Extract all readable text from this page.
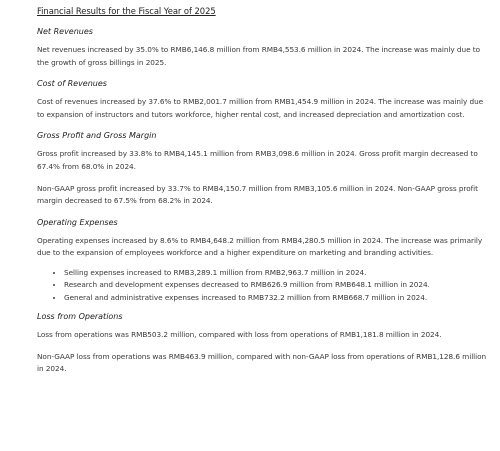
Financial Results for the Fiscal Year of 2025
Net Revenues

Net revenues increased by 35.0% to RMB6,146.8 million from RMB4,553.6 million in 2024. The increase was mainly due to the growth of gross billings in 2025.

Cost of Revenues

Cost of revenues increased by 37.6% to RMB2,001.7 million from RMB1,454.9 million in 2024. The increase was mainly due to expansion of instructors and tutors workforce, higher rental cost, and increased depreciation and amortization cost.

Gross Profit and Gross Margin

Gross profit increased by 33.8% to RMB4,145.1 million from RMB3,098.6 million in 2024. Gross profit margin decreased to 67.4% from 68.0% in 2024.

Non-GAAP gross profit increased by 33.7% to RMB4,150.7 million from RMB3,105.6 million in 2024. Non-GAAP gross profit margin decreased to 67.5% from 68.2% in 2024.

Operating Expenses

Operating expenses increased by 8.6% to RMB4,648.2 million from RMB4,280.5 million in 2024. The increase was primarily due to the expansion of employees workforce and a higher expenditure on marketing and branding activities.

• Selling expenses increased to RMB3,289.1 million from RMB2,963.7 million in 2024.
• Research and development expenses decreased to RMB626.9 million from RMB648.1 million in 2024.
• General and administrative expenses increased to RMB732.2 million from RMB668.7 million in 2024.
Loss from Operations

Loss from operations was RMB503.2 million, compared with loss from operations of RMB1,181.8 million in 2024.

Non-GAAP loss from operations was RMB463.9 million, compared with non-GAAP loss from operations of RMB1,128.6 million in 2024.
